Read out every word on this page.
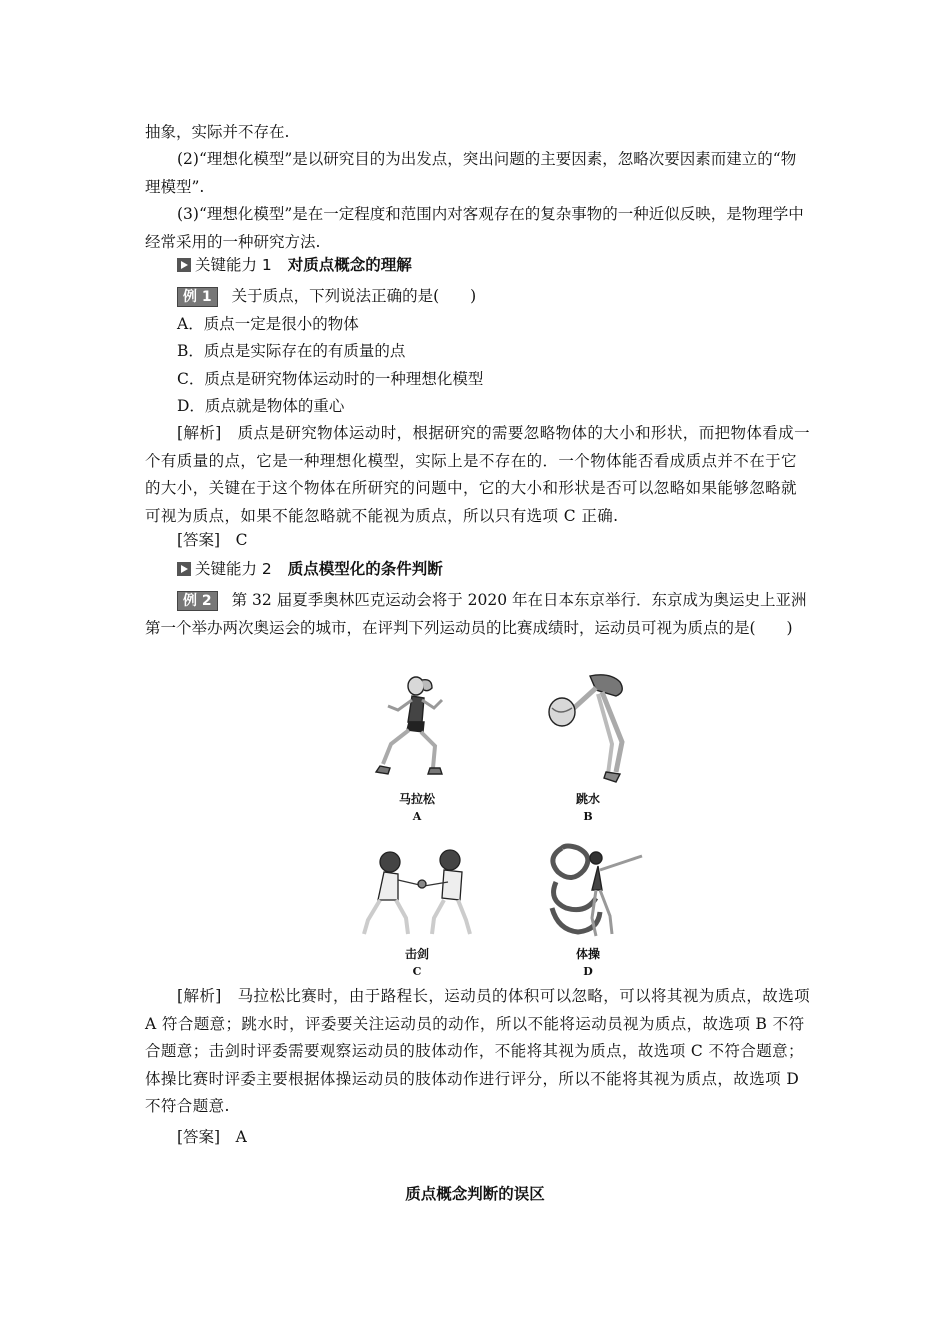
抽象，实际并不存在.

(2)“理想化模型”是以研究目的为出发点，突出问题的主要因素，忽略次要因素而建立的“物理模型”.

(3)“理想化模型”是在一定程度和范围内对客观存在的复杂事物的一种近似反映，是物理学中经常采用的一种研究方法.

关键能力 1 对质点概念的理解
例 1 关于质点，下列说法正确的是(　　)
A．质点一定是很小的物体
B．质点是实际存在的有质量的点
C．质点是研究物体运动时的一种理想化模型
D．质点就是物体的重心

[解析]　质点是研究物体运动时，根据研究的需要忽略物体的大小和形状，而把物体看成一个有质量的点，它是一种理想化模型，实际上是不存在的．一个物体能否看成质点并不在于它的大小，关键在于这个物体在所研究的问题中，它的大小和形状是否可以忽略如果能够忽略就可视为质点，如果不能忽略就不能视为质点，所以只有选项 C 正确.

[答案]　C
关键能力 2 质点模型化的条件判断

例 2 第 32 届夏季奥林匹克运动会将于 2020 年在日本东京举行．东京成为奥运史上亚洲第一个举办两次奥运会的城市，在评判下列运动员的比赛成绩时，运动员可视为质点的是(　　)

马拉松
A
跳水
B
击剑
C
体操
D

[解析]　马拉松比赛时，由于路程长，运动员的体积可以忽略，可以将其视为质点，故选项 A 符合题意；跳水时，评委要关注运动员的动作，所以不能将运动员视为质点，故选项 B 不符合题意；击剑时评委需要观察运动员的肢体动作，不能将其视为质点，故选项 C 不符合题意；体操比赛时评委主要根据体操运动员的肢体动作进行评分，所以不能将其视为质点，故选项 D 不符合题意.

[答案]　A
质点概念判断的误区
